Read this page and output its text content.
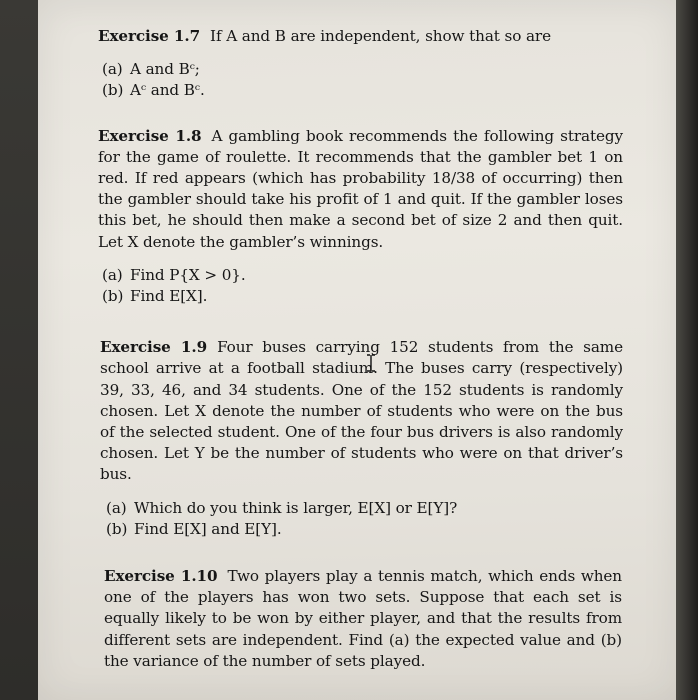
Exercise 1.7 If A and B are independent, show that so are
(a) A and Bᶜ;
(b) Aᶜ and Bᶜ.
Exercise 1.8 A gambling book recommends the following strategy for the game of roulette. It recommends that the gambler bet 1 on red. If red appears (which has probability 18/38 of occurring) then the gambler should take his profit of 1 and quit. If the gambler loses this bet, he should then make a second bet of size 2 and then quit. Let X denote the gambler’s winnings.
(a) Find P{X > 0}.
(b) Find E[X].
Exercise 1.9 Four buses carrying 152 students from the same school arrive at a football stadium. The buses carry (respectively) 39, 33, 46, and 34 students. One of the 152 students is randomly chosen. Let X denote the number of students who were on the bus of the selected student. One of the four bus drivers is also randomly chosen. Let Y be the number of students who were on that driver’s bus.
(a) Which do you think is larger, E[X] or E[Y]?
(b) Find E[X] and E[Y].
Exercise 1.10 Two players play a tennis match, which ends when one of the players has won two sets. Suppose that each set is equally likely to be won by either player, and that the results from different sets are independent. Find (a) the expected value and (b) the variance of the number of sets played.
